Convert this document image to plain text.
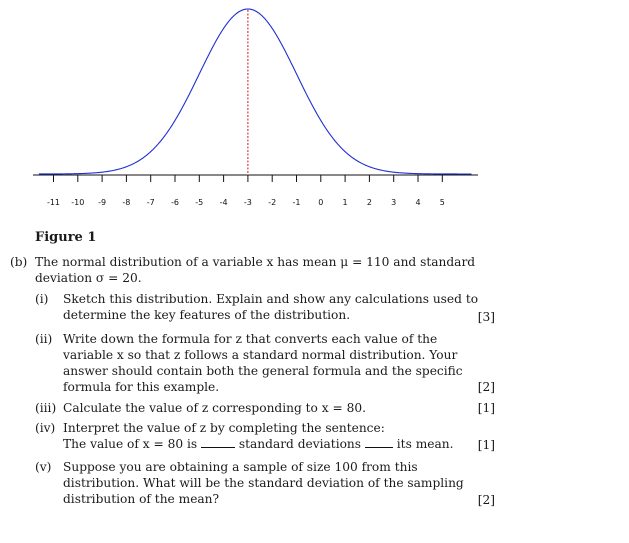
-11 -10 -9 -8 -7 -6 -5 -4 -3 -2 -1 0 1 2 3 4 5
Figure 1
(b) The normal distribution of a variable x has mean μ = 110 and standard
deviation σ = 20.
(i) Sketch this distribution. Explain and show any calculations used to
determine the key features of the distribution.	[3]
(ii) Write down the formula for z that converts each value of the
variable x so that z follows a standard normal distribution. Your
answer should contain both the general formula and the specific
formula for this example.	[2]
(iii) Calculate the value of z corresponding to x = 80.	[1]
(iv) Interpret the value of z by completing the sentence:
The value of x = 80 is	standard deviations	its mean. [1]
(v) Suppose you are obtaining a sample of size 100 from this
distribution. What will be the standard deviation of the sampling
distribution of the mean?	[2]
